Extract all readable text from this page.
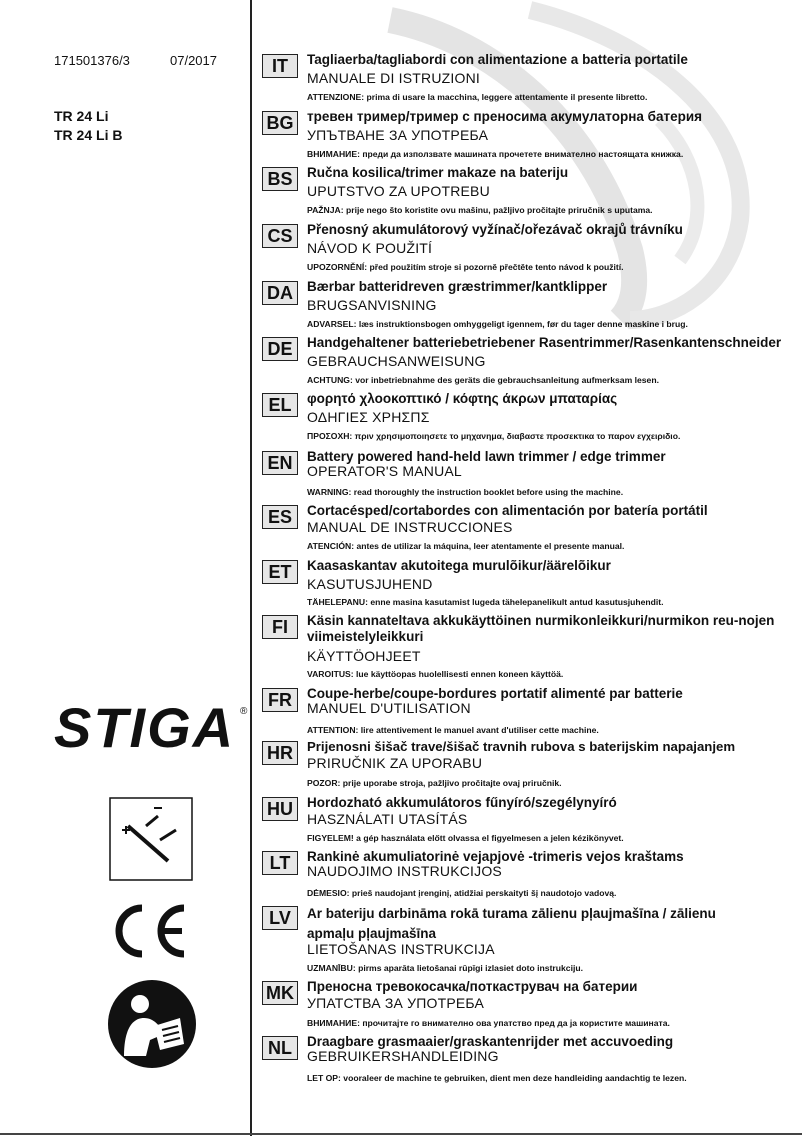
171501376/3	07/2017
TR 24 Li
TR 24 Li B
STIGA ®
IT	Tagliaerba/tagliabordi con alimentazione a batteria portatile
MANUALE DI ISTRUZIONI
ATTENZIONE: prima di usare la macchina, leggere attentamente il presente libretto.
BG	тревен тример/тример с преносима акумулаторна батерия
УПЪТВАНЕ ЗА УПОТРЕБА
ВНИМАНИЕ: преди да използвате машината прочетете внимателно настоящата книжка.
BS	Ručna kosilica/trimer makaze na bateriju
UPUTSTVO ZA UPOTREBU
PAŽNJA: prije nego što koristite ovu mašinu, pažljivo pročitajte priručnik s uputama.
CS	Přenosný akumulátorový vyžínač/ořezávač okrajů trávníku
NÁVOD K POUŽITÍ
UPOZORNĚNÍ: před použitím stroje si pozorně přečtěte tento návod k použití.
DA	Bærbar batteridreven græstrimmer/kantklipper
BRUGSANVISNING
ADVARSEL: læs instruktionsbogen omhyggeligt igennem, før du tager denne maskine i brug.
DE	Handgehaltener batteriebetriebener Rasentrimmer/Rasenkantenschneider
GEBRAUCHSANWEISUNG
ACHTUNG: vor inbetriebnahme des geräts die gebrauchsanleitung aufmerksam lesen.
EL	φορητό χλοοκοπτικό / κόφτης άκρων μπαταρίας
ΟΔΗΓΙΕΣ ΧΡΗΣΠΣ
ΠΡΟΣΟΧΗ: πριν χρησιμοποιησετε το μηχανημα, διαβαστε προσεκτικα το παρον εγχειριδιο.
EN	Battery powered hand-held lawn trimmer / edge trimmer
OPERATOR'S MANUAL
WARNING: read thoroughly the instruction booklet before using the machine.
ES	Cortacésped/cortabordes con alimentación por batería portátil
MANUAL DE INSTRUCCIONES
ATENCIÓN: antes de utilizar la máquina, leer atentamente el presente manual.
ET	Kaasaskantav akutoitega murulõikur/äärelõikur
KASUTUSJUHEND
TÄHELEPANU: enne masina kasutamist lugeda tähelepanelikult antud kasutusjuhendit.
FI	Käsin kannateltava akkukäyttöinen nurmikonleikkuri/nurmikon reu-nojen viimeistelyleikkuri
KÄYTTÖOHJEET
VAROITUS: lue käyttöopas huolellisesti ennen koneen käyttöä.
FR	Coupe-herbe/coupe-bordures portatif alimenté par batterie
MANUEL D'UTILISATION
ATTENTION: lire attentivement le manuel avant d'utiliser cette machine.
HR	Prijenosni šišač trave/šišač travnih rubova s baterijskim napajanjem
PRIRUČNIK ZA UPORABU
POZOR: prije uporabe stroja, pažljivo pročitajte ovaj priručnik.
HU	Hordozható akkumulátoros fűnyíró/szegélynyíró
HASZNÁLATI UTASÍTÁS
FIGYELEM! a gép használata előtt olvassa el figyelmesen a jelen kézikönyvet.
LT	Rankinė akumuliatorinė vejapjovė -trimeris vejos kraštams
NAUDOJIMO INSTRUKCIJOS
DĖMESIO: prieš naudojant įrenginį, atidžiai perskaityti šį naudotojo vadovą.
LV	Ar bateriju darbināma rokā turama zālienu pļaujmašīna / zālienu apmaļu pļaujmašīna
LIETOŠANAS INSTRUKCIJA
UZMANĪBU: pirms aparāta lietošanai rūpīgi izlasiet doto instrukciju.
MK Преносна тревокосачка/поткаструвач на батерии
УПАТСТВА ЗА УПОТРЕБА
ВНИМАНИЕ: прочитајте го внимателно ова упатство пред да ја користите машината.
NL	Draagbare grasmaaier/graskantenrijder met accuvoeding
GEBRUIKERSHANDLEIDING
LET OP: vooraleer de machine te gebruiken, dient men deze handleiding aandachtig te lezen.
